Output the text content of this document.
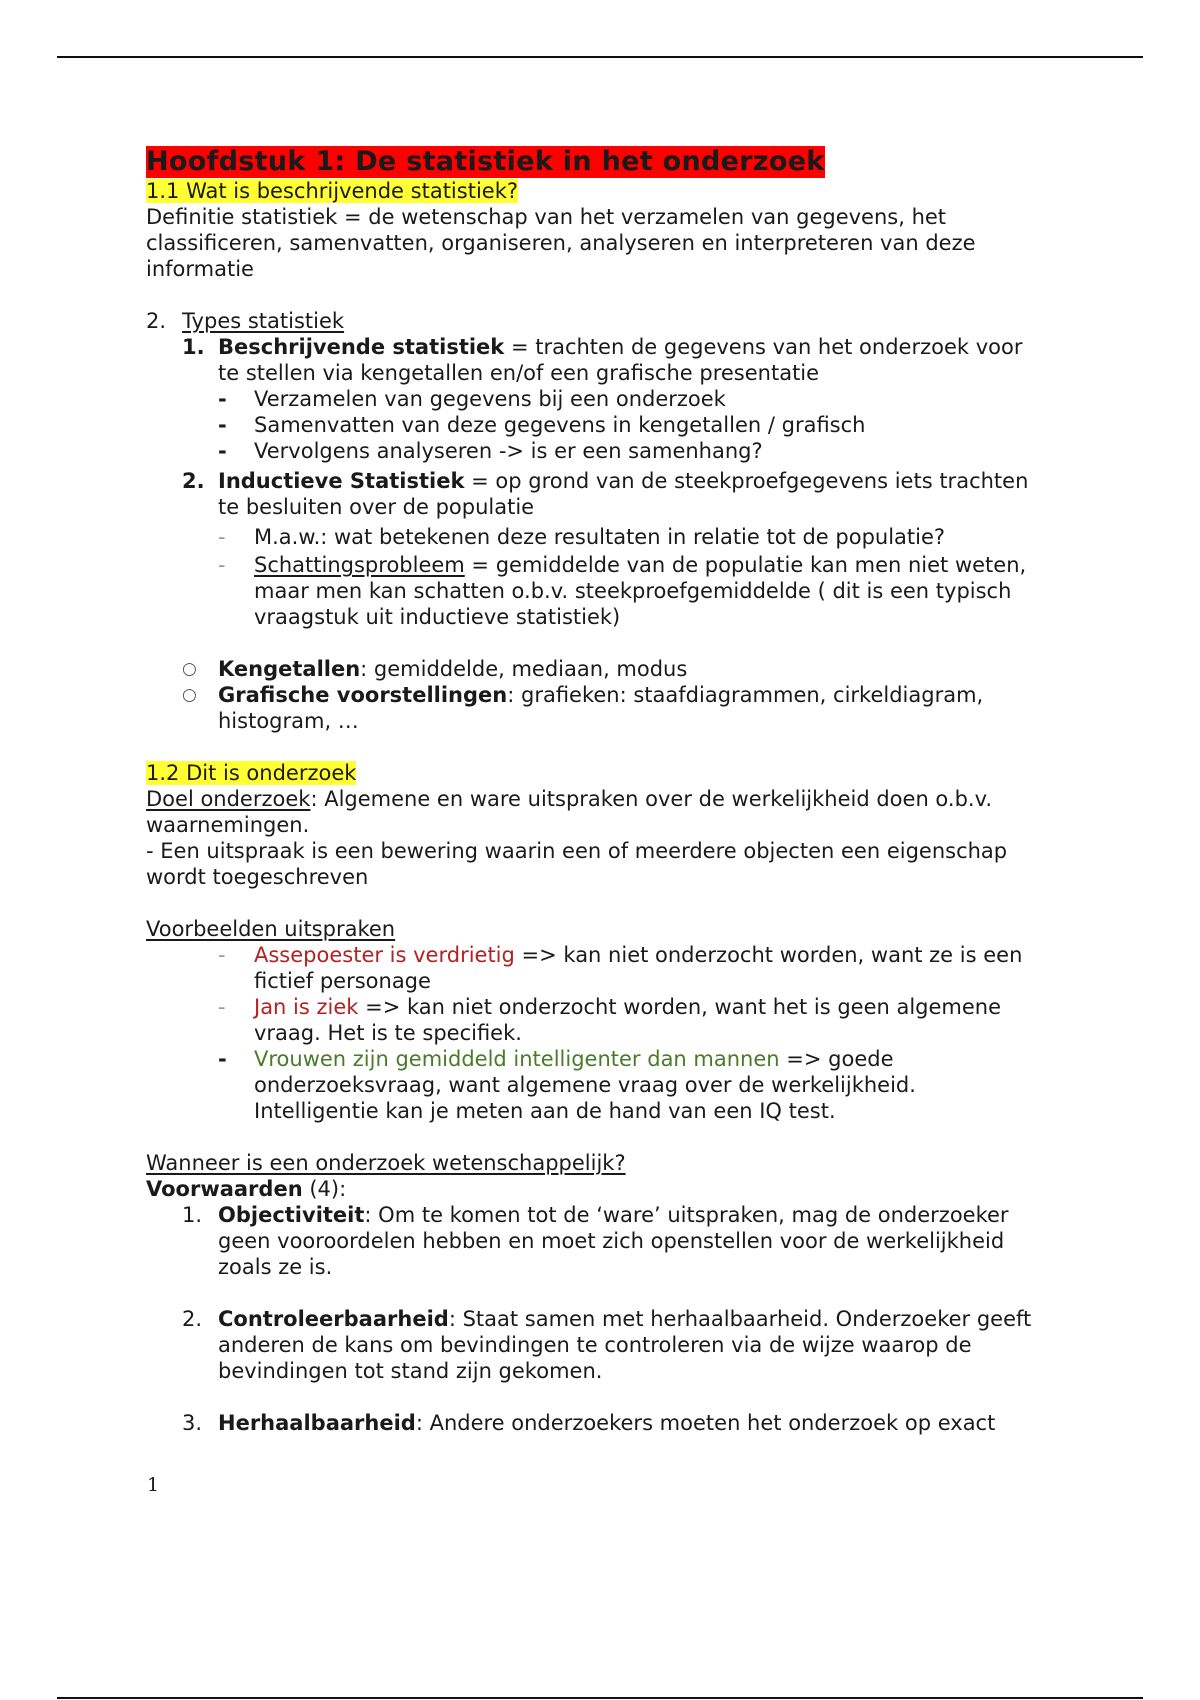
Hoofdstuk 1: De statistiek in het onderzoek

1.1 Wat is beschrijvende statistiek?

Definitie statistiek = de wetenschap van het verzamelen van gegevens, het

classificeren, samenvatten, organiseren, analyseren en interpreteren van deze

informatie

2. Types statistiek
1. Beschrijvende statistiek = trachten de gegevens van het onderzoek voor
te stellen via kengetallen en/of een grafische presentatie
- Verzamelen van gegevens bij een onderzoek
- Samenvatten van deze gegevens in kengetallen / grafisch
- Vervolgens analyseren -> is er een samenhang?
2. Inductieve Statistiek = op grond van de steekproefgegevens iets trachten
te besluiten over de populatie
- M.a.w.: wat betekenen deze resultaten in relatie tot de populatie?
- Schattingsprobleem = gemiddelde van de populatie kan men niet weten,
maar men kan schatten o.b.v. steekproefgemiddelde ( dit is een typisch
vraagstuk uit inductieve statistiek)
○ Kengetallen: gemiddelde, mediaan, modus
○ Grafische voorstellingen: grafieken: staafdiagrammen, cirkeldiagram,
histogram, …

1.2 Dit is onderzoek

Doel onderzoek: Algemene en ware uitspraken over de werkelijkheid doen o.b.v.

waarnemingen.

- Een uitspraak is een bewering waarin een of meerdere objecten een eigenschap

wordt toegeschreven

Voorbeelden uitspraken

- Assepoester is verdrietig => kan niet onderzocht worden, want ze is een
fictief personage
- Jan is ziek => kan niet onderzocht worden, want het is geen algemene
vraag. Het is te specifiek.
- Vrouwen zijn gemiddeld intelligenter dan mannen => goede
onderzoeksvraag, want algemene vraag over de werkelijkheid.
Intelligentie kan je meten aan de hand van een IQ test.

Wanneer is een onderzoek wetenschappelijk?

Voorwaarden (4):

1. Objectiviteit: Om te komen tot de ‘ware’ uitspraken, mag de onderzoeker
geen vooroordelen hebben en moet zich openstellen voor de werkelijkheid
zoals ze is.
2. Controleerbaarheid: Staat samen met herhaalbaarheid. Onderzoeker geeft
anderen de kans om bevindingen te controleren via de wijze waarop de
bevindingen tot stand zijn gekomen.
3. Herhaalbaarheid: Andere onderzoekers moeten het onderzoek op exact
1
